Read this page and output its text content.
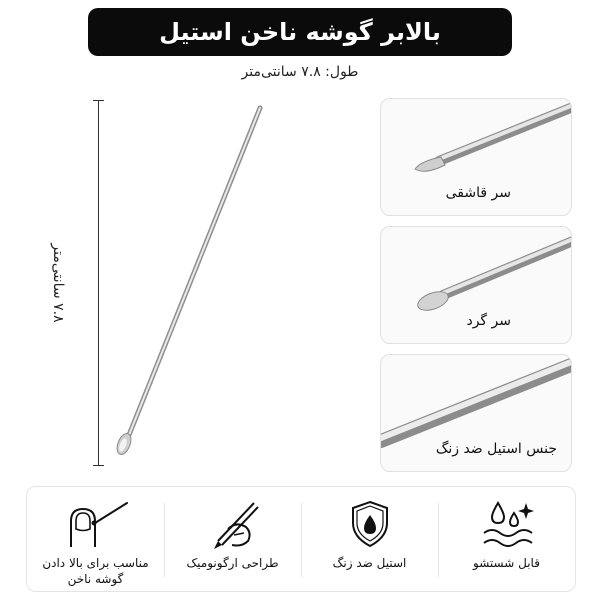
بالابر گوشه ناخن استیل
طول: ۷.۸ سانتی‌متر
۷.۸ سانتی‌متر
سر قاشقی
سر گرد
جنس استیل ضد زنگ
مناسب برای بالا دادن
گوشه ناخن
طراحی ارگونومیک	استیل ضد زنگ	قابل شستشو
